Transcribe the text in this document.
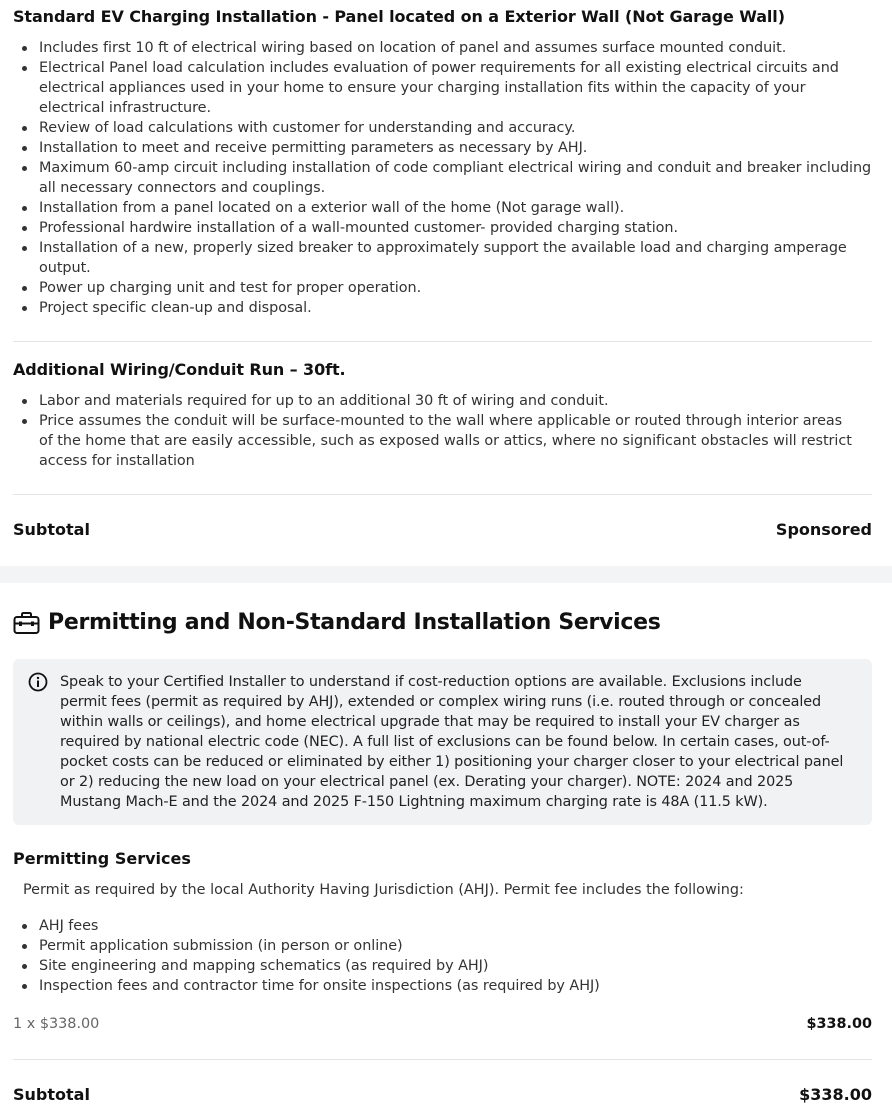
Standard EV Charging Installation - Panel located on a Exterior Wall (Not Garage Wall)
Includes first 10 ft of electrical wiring based on location of panel and assumes surface mounted conduit.
Electrical Panel load calculation includes evaluation of power requirements for all existing electrical circuits and electrical appliances used in your home to ensure your charging installation fits within the capacity of your electrical infrastructure.
Review of load calculations with customer for understanding and accuracy.
Installation to meet and receive permitting parameters as necessary by AHJ.
Maximum 60-amp circuit including installation of code compliant electrical wiring and conduit and breaker including all necessary connectors and couplings.
Installation from a panel located on a exterior wall of the home (Not garage wall).
Professional hardwire installation of a wall-mounted customer- provided charging station.
Installation of a new, properly sized breaker to approximately support the available load and charging amperage output.
Power up charging unit and test for proper operation.
Project specific clean-up and disposal.
Additional Wiring/Conduit Run – 30ft.
Labor and materials required for up to an additional 30 ft of wiring and conduit.
Price assumes the conduit will be surface-mounted to the wall where applicable or routed through interior areas of the home that are easily accessible, such as exposed walls or attics, where no significant obstacles will restrict access for installation
Subtotal	Sponsored
Permitting and Non-Standard Installation Services
Speak to your Certified Installer to understand if cost-reduction options are available. Exclusions include permit fees (permit as required by AHJ), extended or complex wiring runs (i.e. routed through or concealed within walls or ceilings), and home electrical upgrade that may be required to install your EV charger as required by national electric code (NEC). A full list of exclusions can be found below. In certain cases, out-of-pocket costs can be reduced or eliminated by either 1) positioning your charger closer to your electrical panel or 2) reducing the new load on your electrical panel (ex. Derating your charger). NOTE: 2024 and 2025 Mustang Mach-E and the 2024 and 2025 F-150 Lightning maximum charging rate is 48A (11.5 kW).
Permitting Services
Permit as required by the local Authority Having Jurisdiction (AHJ). Permit fee includes the following:
AHJ fees
Permit application submission (in person or online)
Site engineering and mapping schematics (as required by AHJ)
Inspection fees and contractor time for onsite inspections (as required by AHJ)
1 x $338.00	$338.00
Subtotal	$338.00
